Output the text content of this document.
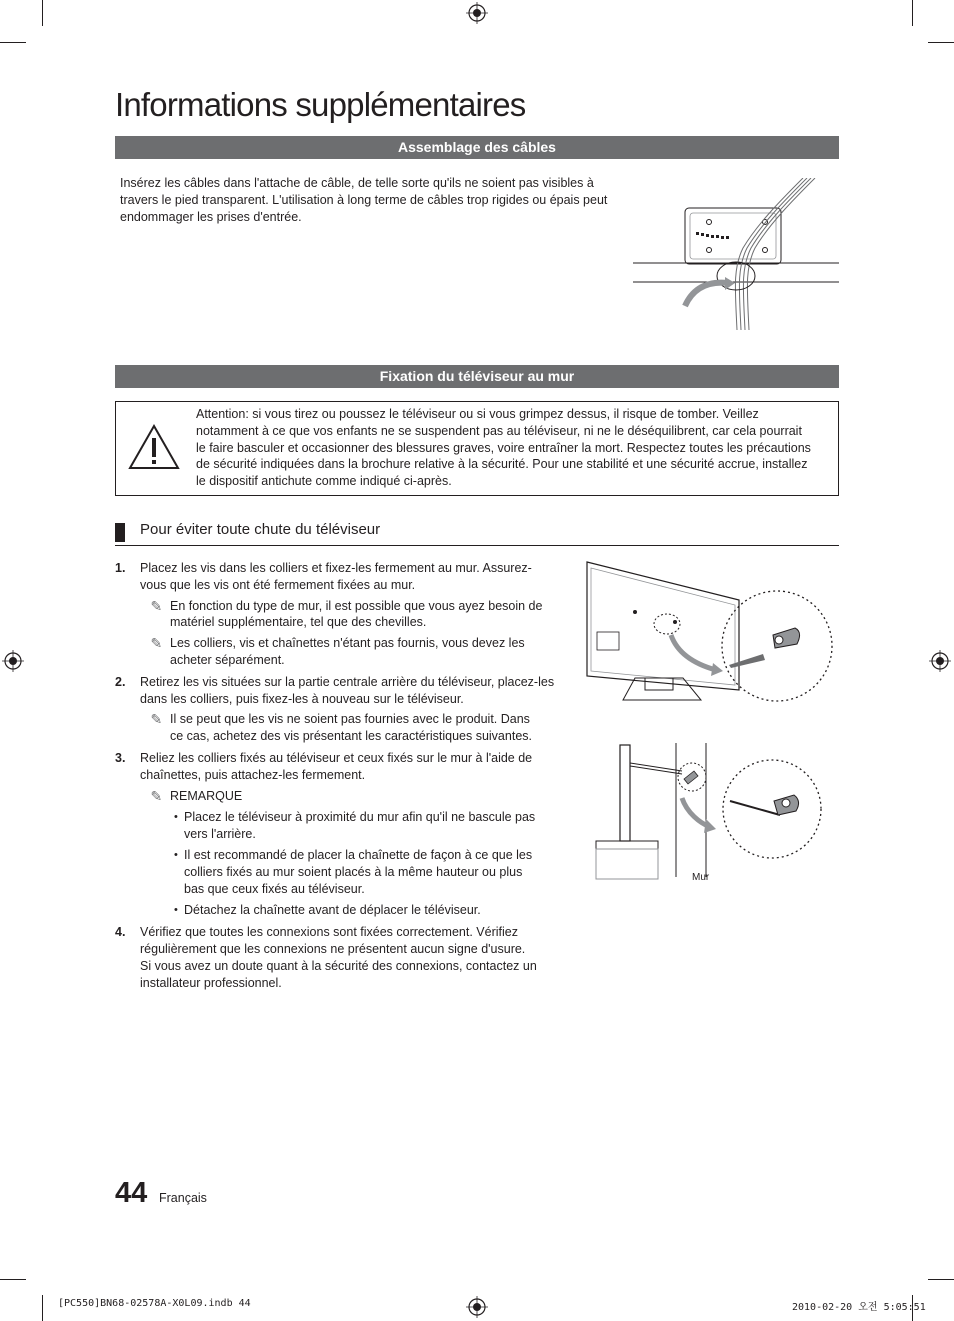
Informations supplémentaires
Assemblage des câbles
Insérez les câbles dans l'attache de câble, de telle sorte qu'ils ne soient pas visibles à
travers le pied transparent. L'utilisation à long terme de câbles trop rigides ou épais peut
endommager les prises d'entrée.
Fixation du téléviseur au mur
Attention: si vous tirez ou poussez le téléviseur ou si vous grimpez dessus, il risque de tomber. Veillez
notamment à ce que vos enfants ne se suspendent pas au téléviseur, ni ne le déséquilibrent, car cela pourrait
le faire basculer et occasionner des blessures graves, voire entraîner la mort. Respectez toutes les précautions
de sécurité indiquées dans la brochure relative à la sécurité. Pour une stabilité et une sécurité accrue, installez
le dispositif antichute comme indiqué ci-après.
Pour éviter toute chute du téléviseur
1.	Placez les vis dans les colliers et fixez-les fermement au mur. Assurez-
vous que les vis ont été fermement fixées au mur.
✎ En fonction du type de mur, il est possible que vous ayez besoin de
matériel supplémentaire, tel que des chevilles.
✎ Les colliers, vis et chaînettes n'étant pas fournis, vous devez les
acheter séparément.
2.	Retirez les vis situées sur la partie centrale arrière du téléviseur, placez-les
dans les colliers, puis fixez-les à nouveau sur le téléviseur.
✎ Il se peut que les vis ne soient pas fournies avec le produit. Dans
ce cas, achetez des vis présentant les caractéristiques suivantes.
3.	Reliez les colliers fixés au téléviseur et ceux fixés sur le mur à l'aide de
chaînettes, puis attachez-les fermement.
✎ REMARQUE
• Placez le téléviseur à proximité du mur afin qu'il ne bascule pas
vers l'arrière.
• Il est recommandé de placer la chaînette de façon à ce que les
colliers fixés au mur soient placés à la même hauteur ou plus
bas que ceux fixés au téléviseur.
• Détachez la chaînette avant de déplacer le téléviseur.
4.	Vérifiez que toutes les connexions sont fixées correctement. Vérifiez
régulièrement que les connexions ne présentent aucun signe d'usure.
Si vous avez un doute quant à la sécurité des connexions, contactez un
installateur professionnel.
Mur
44 Français
[PC550]BN68-02578A-X0L09.indb 44	2010-02-20 오전 5:05:51
